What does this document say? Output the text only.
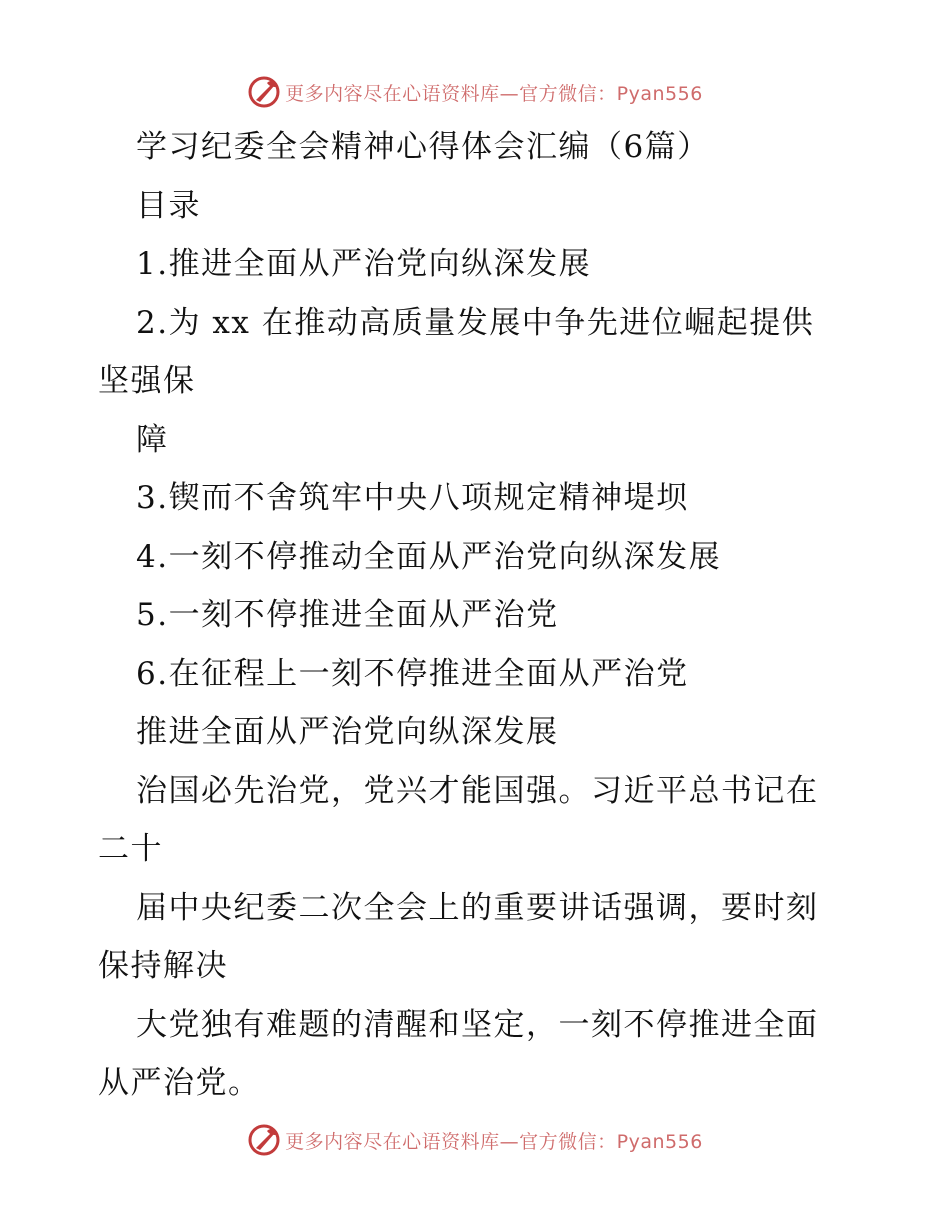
更多内容尽在心语资料库—官方微信：Pyan556
学习纪委全会精神心得体会汇编（6篇）
目录
1.推进全面从严治党向纵深发展
2.为 xx 在推动高质量发展中争先进位崛起提供
坚强保
障
3.锲而不舍筑牢中央八项规定精神堤坝
4.一刻不停推动全面从严治党向纵深发展
5.一刻不停推进全面从严治党
6.在征程上一刻不停推进全面从严治党
推进全面从严治党向纵深发展
治国必先治党，党兴才能国强。习近平总书记在
二十
届中央纪委二次全会上的重要讲话强调，要时刻
保持解决
大党独有难题的清醒和坚定，一刻不停推进全面
从严治党。
更多内容尽在心语资料库—官方微信：Pyan556
